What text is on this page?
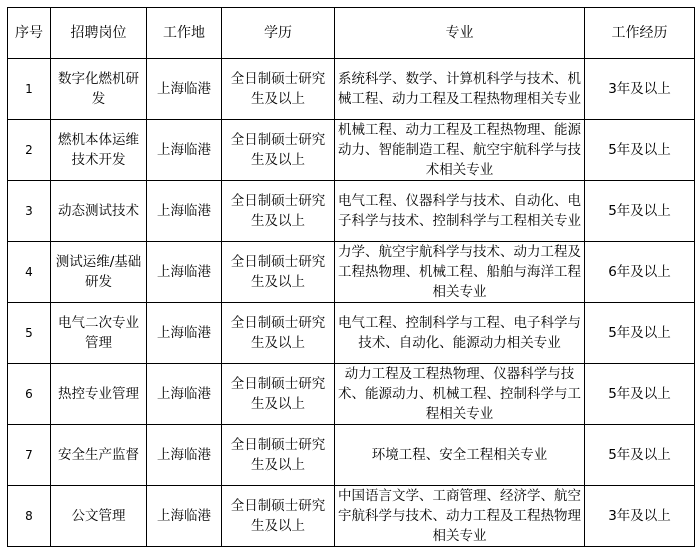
序号	招聘岗位	工作地	学历	专业	工作经历
1	数字化燃机研发	上海临港	全日制硕士研究生及以上	系统科学、数学、计算机科学与技术、机械工程、动力工程及工程热物理相关专业	3年及以上
2	燃机本体运维技术开发	上海临港	全日制硕士研究生及以上	机械工程、动力工程及工程热物理、能源动力、智能制造工程、航空宇航科学与技术相关专业	5年及以上
3	动态测试技术	上海临港	全日制硕士研究生及以上	电气工程、仪器科学与技术、自动化、电子科学与技术、控制科学与工程相关专业	5年及以上
4	测试运维/基础研发	上海临港	全日制硕士研究生及以上	力学、航空宇航科学与技术、动力工程及工程热物理、机械工程、船舶与海洋工程相关专业	6年及以上
5	电气二次专业管理	上海临港	全日制硕士研究生及以上	电气工程、控制科学与工程、电子科学与技术、自动化、能源动力相关专业	5年及以上
6	热控专业管理	上海临港	全日制硕士研究生及以上	动力工程及工程热物理、仪器科学与技术、能源动力、机械工程、控制科学与工程相关专业	5年及以上
7	安全生产监督	上海临港	全日制硕士研究生及以上	环境工程、安全工程相关专业	5年及以上
8	公文管理	上海临港	全日制硕士研究生及以上	中国语言文学、工商管理、经济学、航空宇航科学与技术、动力工程及工程热物理相关专业	3年及以上
